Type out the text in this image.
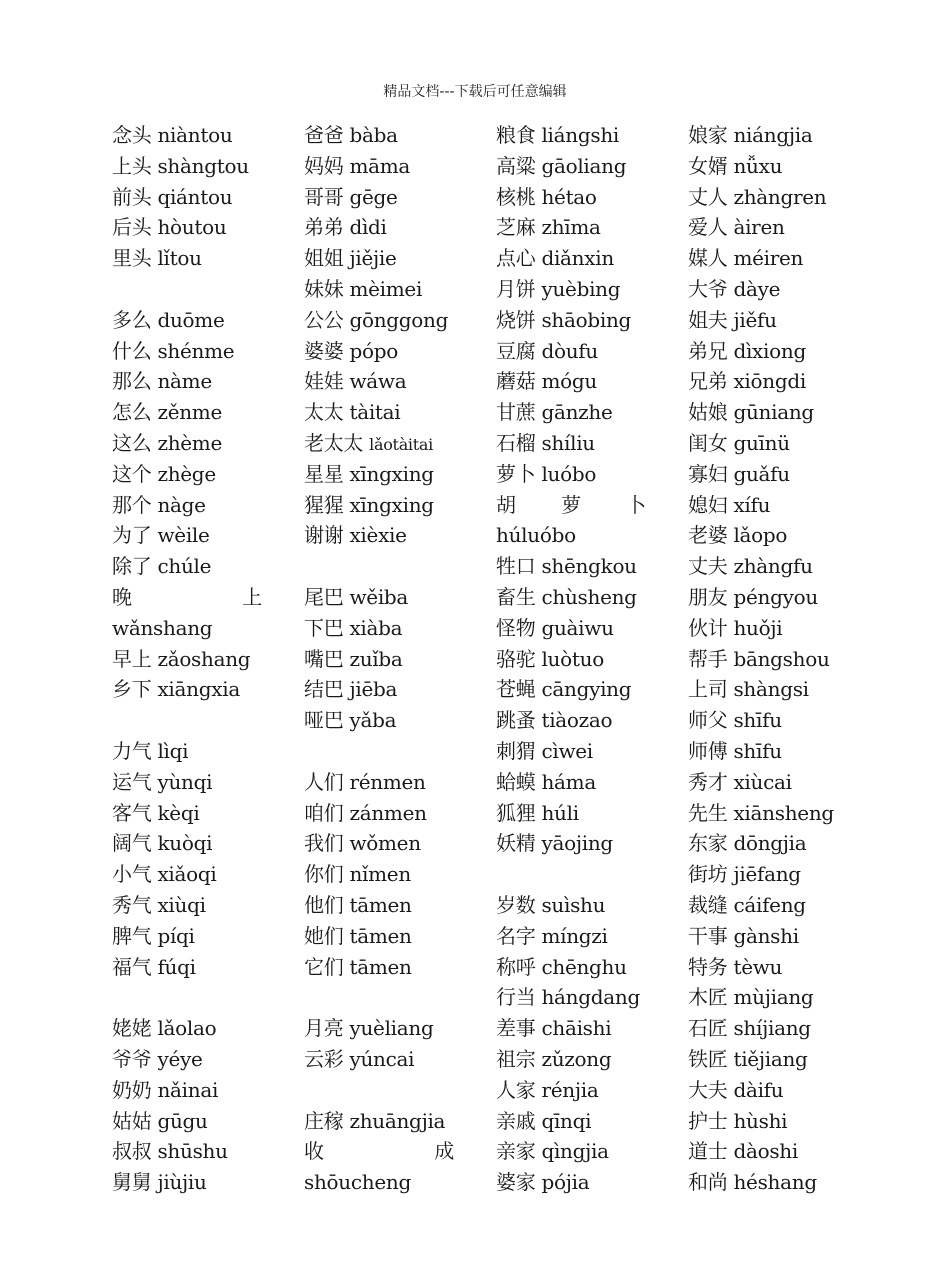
精品文档---下载后可任意编辑
念头 niàntou
上头 shàngtou
前头 qiántou
后头 hòutou
里头 lǐtou
多么 duōme
什么 shénme
那么 nàme
怎么 zěnme
这么 zhème
这个 zhège
那个 nàge
为了 wèile
除了 chúle
晚	上
wǎnshang
早上 zǎoshang
乡下 xiāngxia
力气 lìqi
运气 yùnqi
客气 kèqi
阔气 kuòqi
小气 xiǎoqi
秀气 xiùqi
脾气 píqi
福气 fúqi
姥姥 lǎolao
爷爷 yéye
奶奶 nǎinai
姑姑 gūgu
叔叔 shūshu
舅舅 jiùjiu
爸爸 bàba
妈妈 māma
哥哥 gēge
弟弟 dìdi
姐姐 jiějie
妹妹 mèimei
公公 gōnggong
婆婆 pópo
娃娃 wáwa
太太 tàitai
老太太 lǎotàitai
星星 xīngxing
猩猩 xīngxing
谢谢 xièxie
尾巴 wěiba
下巴 xiàba
嘴巴 zuǐba
结巴 jiēba
哑巴 yǎba
人们 rénmen
咱们 zánmen
我们 wǒmen
你们 nǐmen
他们 tāmen
她们 tāmen
它们 tāmen
月亮 yuèliang
云彩 yúncai
庄稼 zhuāngjia
收	成
shōucheng
粮食 liángshi
高粱 gāoliang
核桃 hétao
芝麻 zhīma
点心 diǎnxin
月饼 yuèbing
烧饼 shāobing
豆腐 dòufu
蘑菇 mógu
甘蔗 gānzhe
石榴 shíliu
萝卜 luóbo
胡 萝 卜
húluóbo
牲口 shēngkou
畜生 chùsheng
怪物 guàiwu
骆驼 luòtuo
苍蝇 cāngying
跳蚤 tiàozao
刺猬 cìwei
蛤蟆 háma
狐狸 húli
妖精 yāojing
岁数 suìshu
名字 míngzi
称呼 chēnghu
行当 hángdang
差事 chāishi
祖宗 zǔzong
人家 rénjia
亲戚 qīnqi
亲家 qìngjia
婆家 pójia
娘家 niángjia
女婿 nǚxu
丈人 zhàngren
爱人 àiren
媒人 méiren
大爷 dàye
姐夫 jiěfu
弟兄 dìxiong
兄弟 xiōngdi
姑娘 gūniang
闺女 guīnü
寡妇 guǎfu
媳妇 xífu
老婆 lǎopo
丈夫 zhàngfu
朋友 péngyou
伙计 huǒji
帮手 bāngshou
上司 shàngsi
师父 shīfu
师傅 shīfu
秀才 xiùcai
先生 xiānsheng
东家 dōngjia
街坊 jiēfang
裁缝 cáifeng
干事 gànshi
特务 tèwu
木匠 mùjiang
石匠 shíjiang
铁匠 tiějiang
大夫 dàifu
护士 hùshi
道士 dàoshi
和尚 héshang
